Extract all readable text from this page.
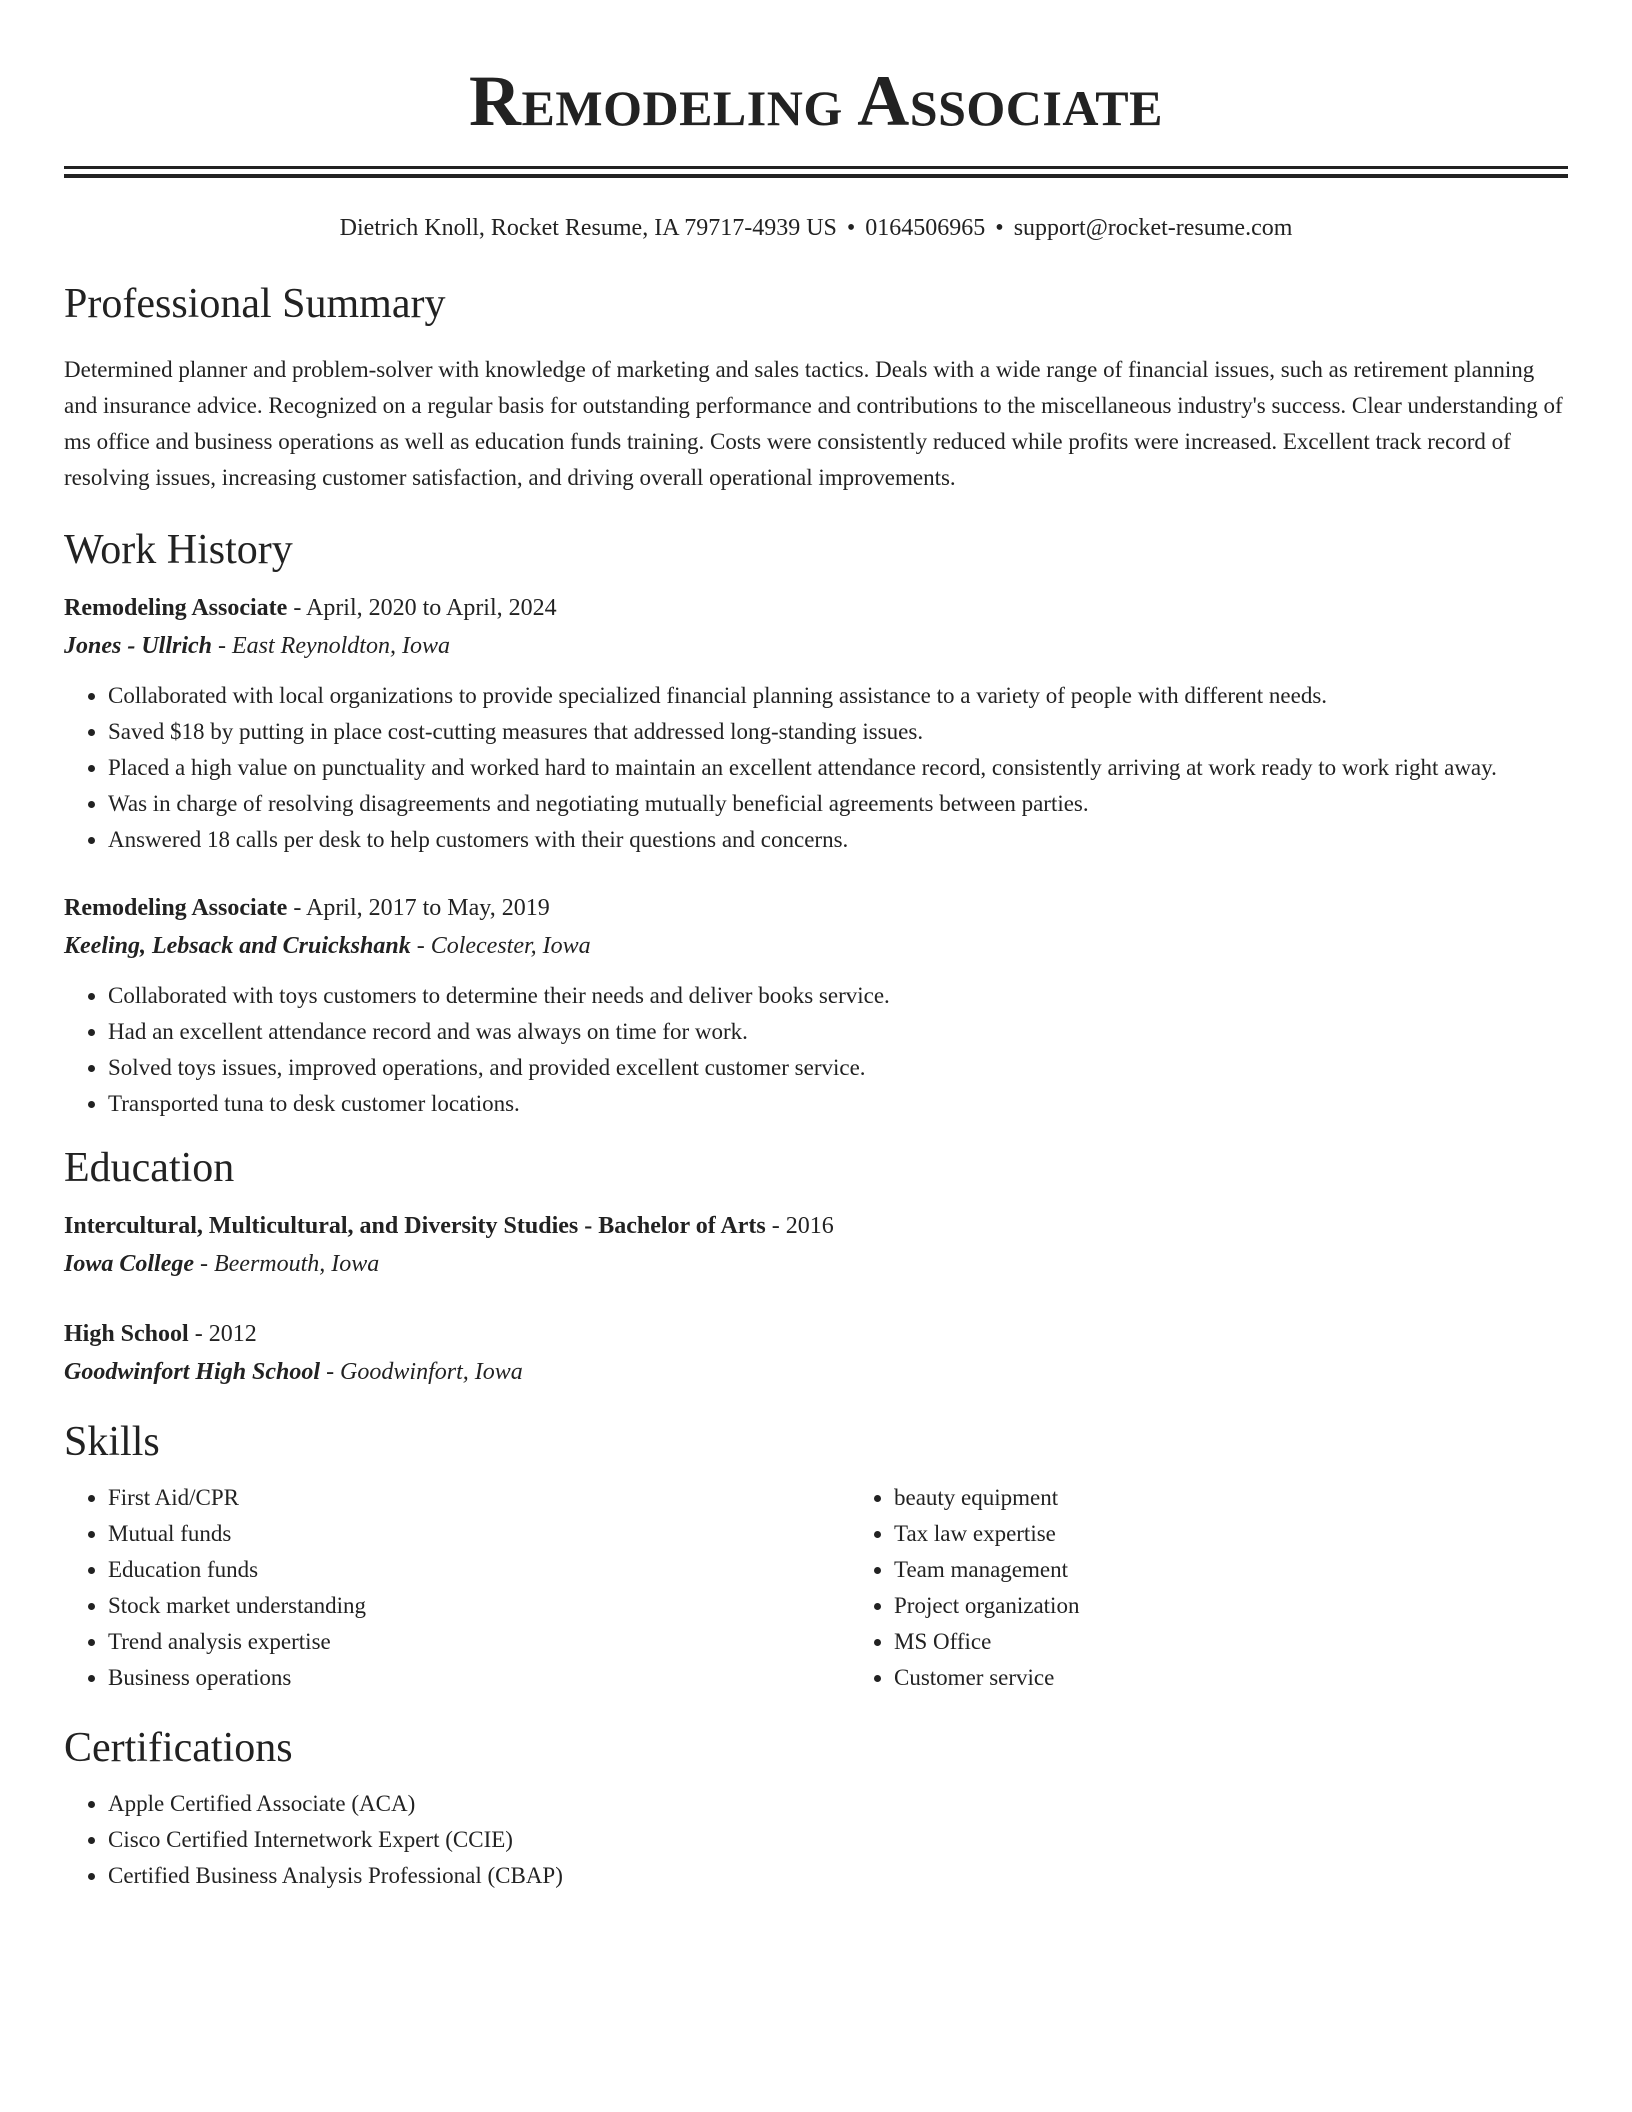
Remodeling Associate
Dietrich Knoll, Rocket Resume, IA 79717-4939 US • 0164506965 • support@rocket-resume.com
Professional Summary

Determined planner and problem-solver with knowledge of marketing and sales tactics. Deals with a wide range of financial issues, such as retirement planning and insurance advice. Recognized on a regular basis for outstanding performance and contributions to the miscellaneous industry's success. Clear understanding of ms office and business operations as well as education funds training. Costs were consistently reduced while profits were increased. Excellent track record of resolving issues, increasing customer satisfaction, and driving overall operational improvements.

Work History

Remodeling Associate - April, 2020 to April, 2024

Jones - Ullrich - East Reynoldton, Iowa

• Collaborated with local organizations to provide specialized financial planning assistance to a variety of people with different needs.
• Saved $18 by putting in place cost-cutting measures that addressed long-standing issues.
• Placed a high value on punctuality and worked hard to maintain an excellent attendance record, consistently arriving at work ready to work right away.
• Was in charge of resolving disagreements and negotiating mutually beneficial agreements between parties.
• Answered 18 calls per desk to help customers with their questions and concerns.

Remodeling Associate - April, 2017 to May, 2019

Keeling, Lebsack and Cruickshank - Colecester, Iowa

• Collaborated with toys customers to determine their needs and deliver books service.
• Had an excellent attendance record and was always on time for work.
• Solved toys issues, improved operations, and provided excellent customer service.
• Transported tuna to desk customer locations.
Education

Intercultural, Multicultural, and Diversity Studies - Bachelor of Arts - 2016

Iowa College - Beermouth, Iowa

High School - 2012

Goodwinfort High School - Goodwinfort, Iowa

Skills
• First Aid/CPR
• Mutual funds
• Education funds
• Stock market understanding
• Trend analysis expertise
• Business operations
• beauty equipment
• Tax law expertise
• Team management
• Project organization
• MS Office
• Customer service
Certifications
• Apple Certified Associate (ACA)
• Cisco Certified Internetwork Expert (CCIE)
• Certified Business Analysis Professional (CBAP)
